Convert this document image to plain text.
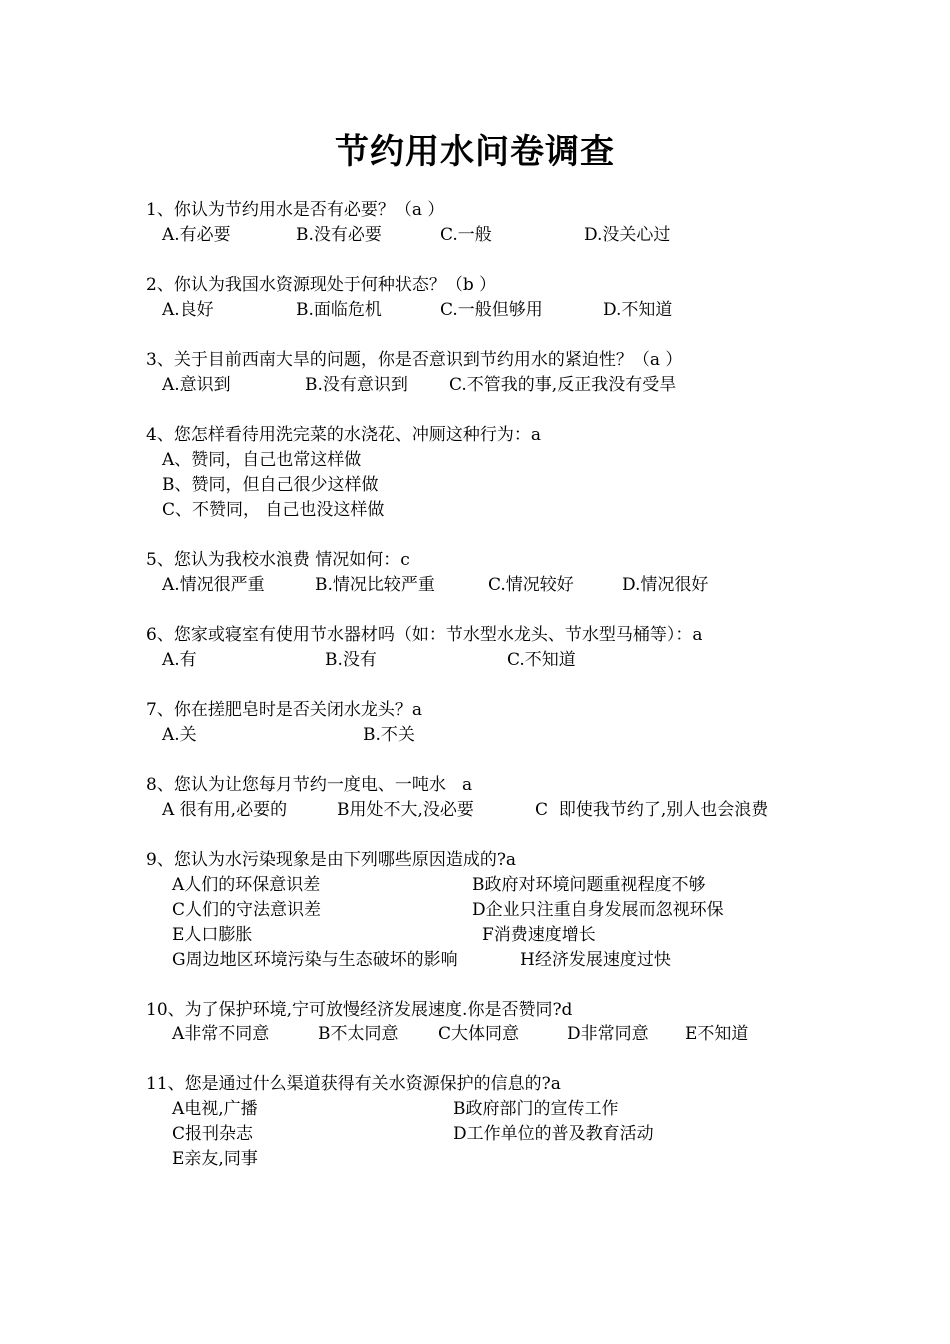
节约用水问卷调查
1、你认为节约用水是否有必要？（a ）
A.有必要	B.没有必要	C.一般	D.没关心过
2、你认为我国水资源现处于何种状态？（b ）
A.良好	B.面临危机	C.一般但够用	D.不知道
3、关于目前西南大旱的问题，你是否意识到节约用水的紧迫性？（a ）
A.意识到	B.没有意识到 C.不管我的事,反正我没有受旱
4、您怎样看待用洗完菜的水浇花、冲厕这种行为：a
A、赞同，自己也常这样做
B、赞同，但自己很少这样做
C、不赞同， 自己也没这样做
5、您认为我校水浪费 情况如何：c
A.情况很严重	B.情况比较严重	C.情况较好	D.情况很好
6、您家或寝室有使用节水器材吗（如：节水型水龙头、节水型马桶等）：a
A.有	B.没有	C.不知道
7、你在搓肥皂时是否关闭水龙头？a
A.关	B.不关
8、您认为让您每月节约一度电、一吨水   a
A 很有用,必要的	B用处不大,没必要	C  即使我节约了,别人也会浪费
9、您认为水污染现象是由下列哪些原因造成的?a
A人们的环保意识差	B政府对环境问题重视程度不够
C人们的守法意识差	D企业只注重自身发展而忽视环保
E人口膨胀	F消费速度增长
G周边地区环境污染与生态破坏的影响	H经济发展速度过快
10、为了保护环境,宁可放慢经济发展速度.你是否赞同?d
A非常不同意	B不太同意 C大体同意	D非常同意 E不知道
11、您是通过什么渠道获得有关水资源保护的信息的?a
A电视,广播	B政府部门的宣传工作
C报刊杂志	D工作单位的普及教育活动
E亲友,同事
